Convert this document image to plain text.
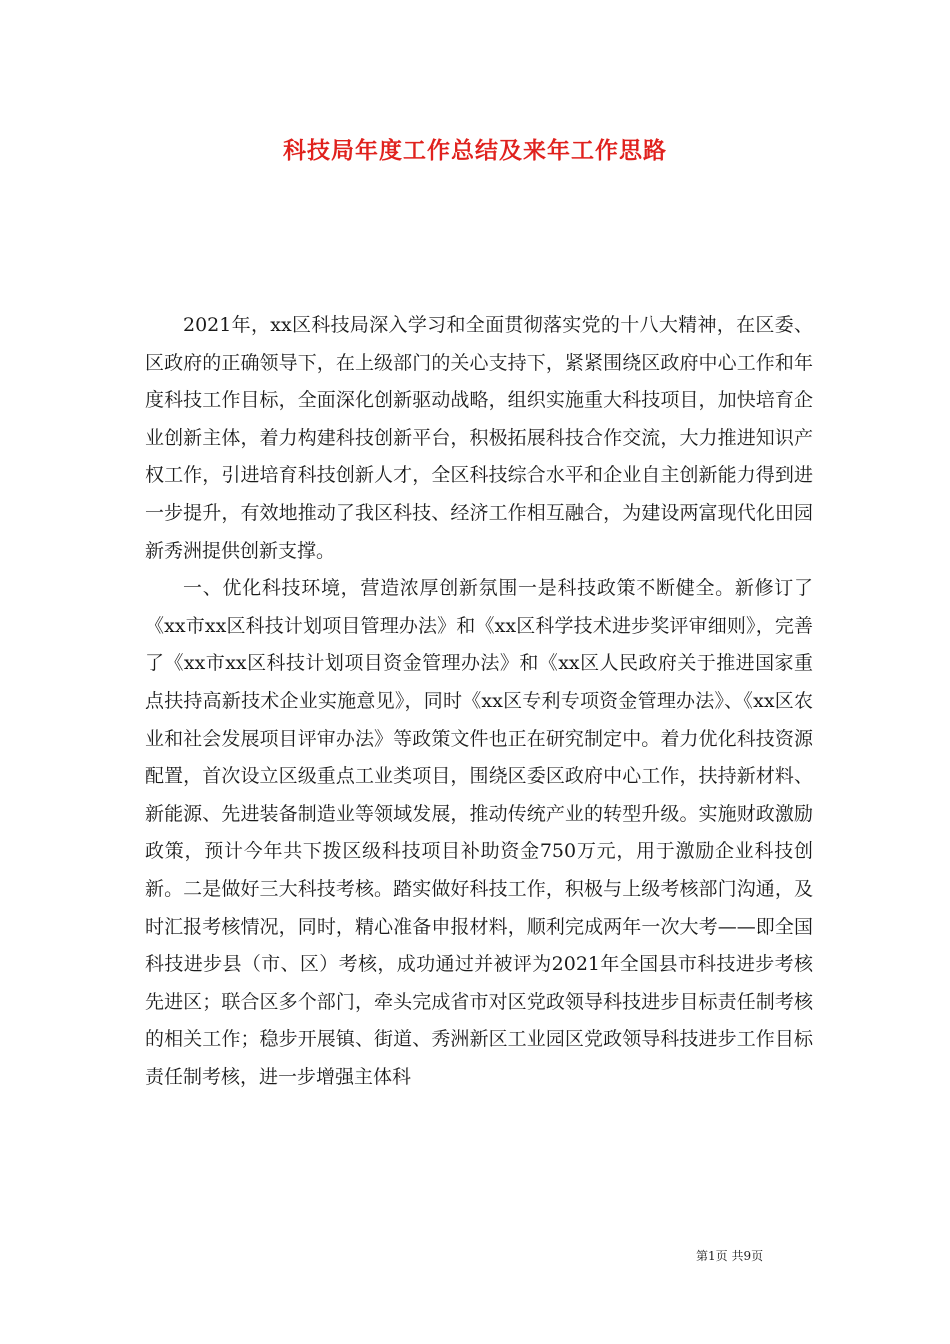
科技局年度工作总结及来年工作思路

2021年，xx区科技局深入学习和全面贯彻落实党的十八大精神，在区委、区政府的正确领导下，在上级部门的关心支持下，紧紧围绕区政府中心工作和年度科技工作目标，全面深化创新驱动战略，组织实施重大科技项目，加快培育企业创新主体，着力构建科技创新平台，积极拓展科技合作交流，大力推进知识产权工作，引进培育科技创新人才，全区科技综合水平和企业自主创新能力得到进一步提升，有效地推动了我区科技、经济工作相互融合，为建设两富现代化田园新秀洲提供创新支撑。

一、优化科技环境，营造浓厚创新氛围一是科技政策不断健全。新修订了《xx市xx区科技计划项目管理办法》和《xx区科学技术进步奖评审细则》，完善了《xx市xx区科技计划项目资金管理办法》和《xx区人民政府关于推进国家重点扶持高新技术企业实施意见》，同时《xx区专利专项资金管理办法》、《xx区农业和社会发展项目评审办法》等政策文件也正在研究制定中。着力优化科技资源配置，首次设立区级重点工业类项目，围绕区委区政府中心工作，扶持新材料、新能源、先进装备制造业等领域发展，推动传统产业的转型升级。实施财政激励政策，预计今年共下拨区级科技项目补助资金750万元，用于激励企业科技创新。二是做好三大科技考核。踏实做好科技工作，积极与上级考核部门沟通，及时汇报考核情况，同时，精心准备申报材料，顺利完成两年一次大考——即全国科技进步县（市、区）考核，成功通过并被评为2021年全国县市科技进步考核先进区；联合区多个部门，牵头完成省市对区党政领导科技进步目标责任制考核的相关工作；稳步开展镇、街道、秀洲新区工业园区党政领导科技进步工作目标责任制考核，进一步增强主体科

第1页 共9页
